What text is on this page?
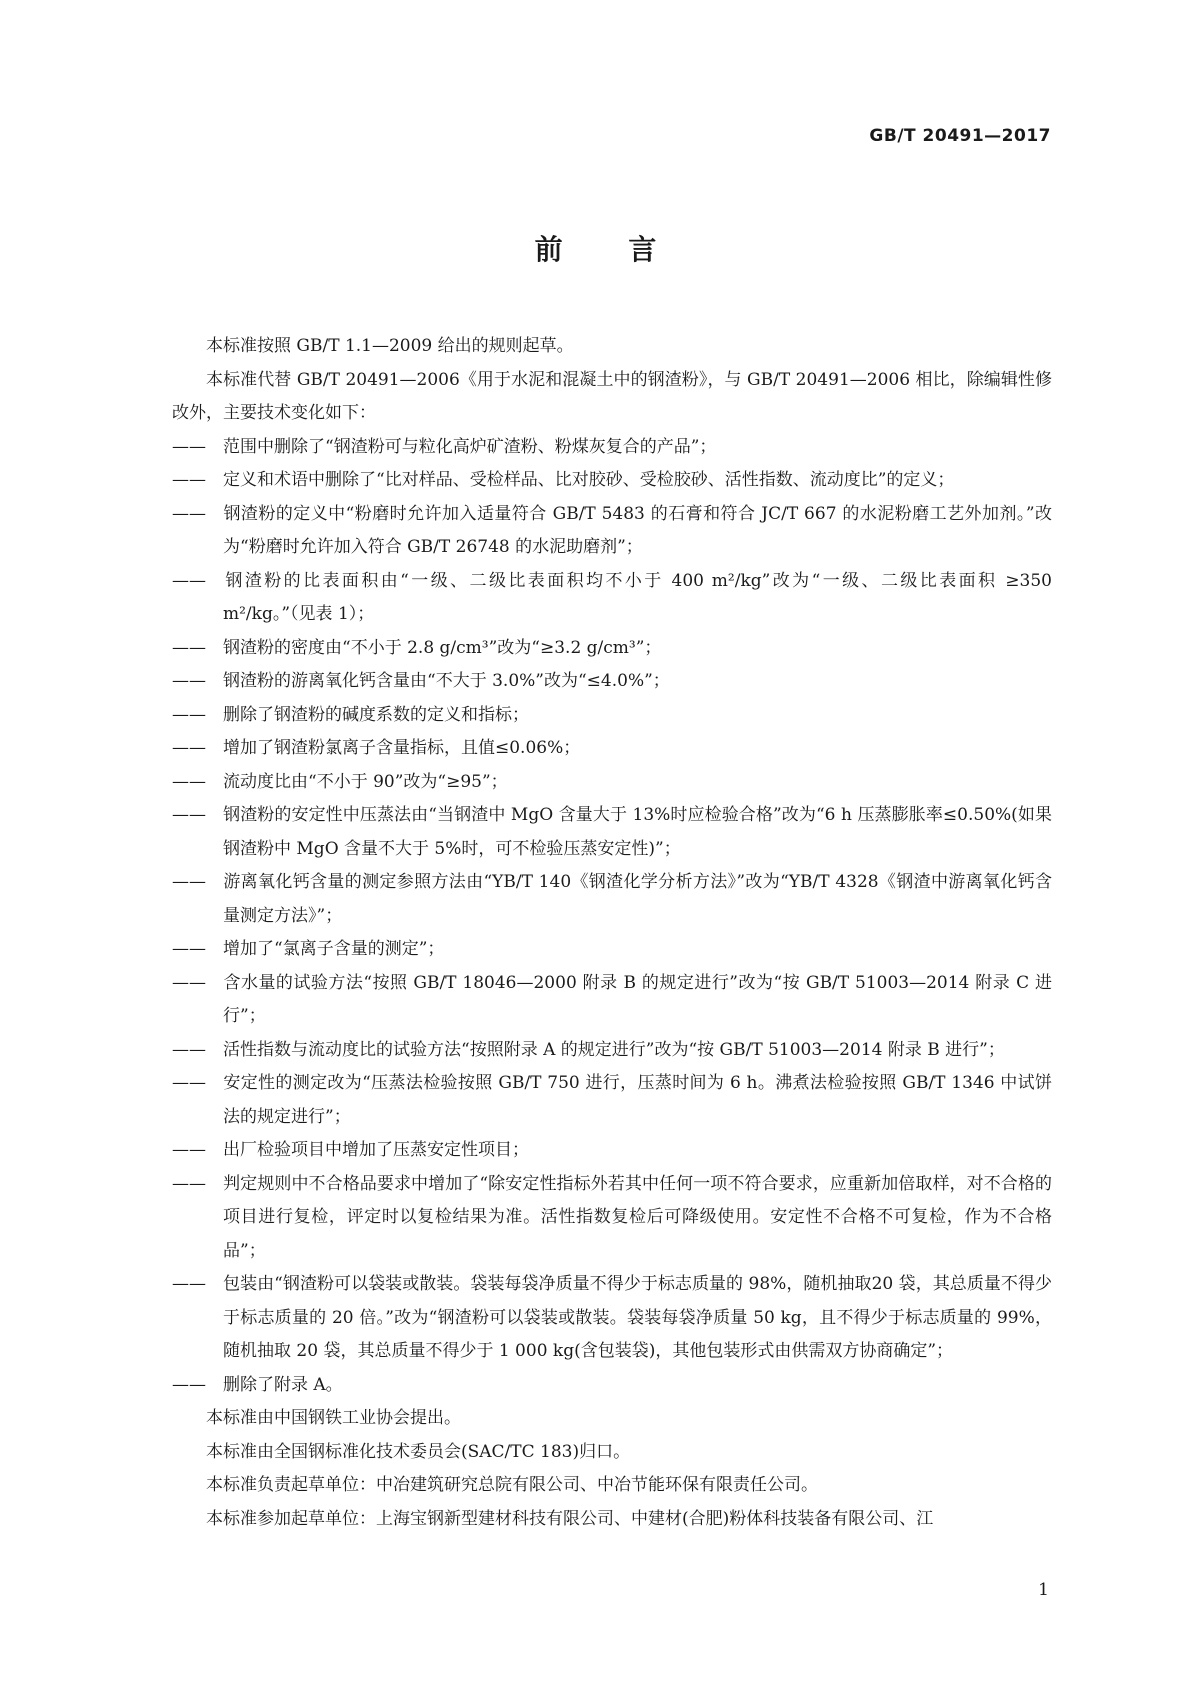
GB/T 20491—2017
前 言

本标准按照 GB/T 1.1—2009 给出的规则起草。

本标准代替 GB/T 20491—2006《用于水泥和混凝土中的钢渣粉》，与 GB/T 20491—2006 相比，除编辑性修改外，主要技术变化如下：

—— 范围中删除了“钢渣粉可与粒化高炉矿渣粉、粉煤灰复合的产品”；

—— 定义和术语中删除了“比对样品、受检样品、比对胶砂、受检胶砂、活性指数、流动度比”的定义；

—— 钢渣粉的定义中“粉磨时允许加入适量符合 GB/T 5483 的石膏和符合 JC/T 667 的水泥粉磨工艺外加剂。”改为“粉磨时允许加入符合 GB/T 26748 的水泥助磨剂”；

—— 钢渣粉的比表面积由“一级、二级比表面积均不小于 400 m²/kg”改为“一级、二级比表面积 ≥350 m²/kg。”（见表 1）；

—— 钢渣粉的密度由“不小于 2.8 g/cm³”改为“≥3.2 g/cm³”；

—— 钢渣粉的游离氧化钙含量由“不大于 3.0%”改为“≤4.0%”；

—— 删除了钢渣粉的碱度系数的定义和指标；

—— 增加了钢渣粉氯离子含量指标，且值≤0.06%；

—— 流动度比由“不小于 90”改为“≥95”；

—— 钢渣粉的安定性中压蒸法由“当钢渣中 MgO 含量大于 13%时应检验合格”改为“6 h 压蒸膨胀率≤0.50%(如果钢渣粉中 MgO 含量不大于 5%时，可不检验压蒸安定性)”；

—— 游离氧化钙含量的测定参照方法由“YB/T 140《钢渣化学分析方法》”改为“YB/T 4328《钢渣中游离氧化钙含量测定方法》”；

—— 增加了“氯离子含量的测定”；

—— 含水量的试验方法“按照 GB/T 18046—2000 附录 B 的规定进行”改为“按 GB/T 51003—2014 附录 C 进行”；

—— 活性指数与流动度比的试验方法“按照附录 A 的规定进行”改为“按 GB/T 51003—2014 附录 B 进行”；

—— 安定性的测定改为“压蒸法检验按照 GB/T 750 进行，压蒸时间为 6 h。沸煮法检验按照 GB/T 1346 中试饼法的规定进行”；

—— 出厂检验项目中增加了压蒸安定性项目；

—— 判定规则中不合格品要求中增加了“除安定性指标外若其中任何一项不符合要求，应重新加倍取样，对不合格的项目进行复检，评定时以复检结果为准。活性指数复检后可降级使用。安定性不合格不可复检，作为不合格品”；

—— 包装由“钢渣粉可以袋装或散装。袋装每袋净质量不得少于标志质量的 98%，随机抽取20 袋，其总质量不得少于标志质量的 20 倍。”改为“钢渣粉可以袋装或散装。袋装每袋净质量 50 kg，且不得少于标志质量的 99%，随机抽取 20 袋，其总质量不得少于 1 000 kg(含包装袋)，其他包装形式由供需双方协商确定”；

—— 删除了附录 A。

本标准由中国钢铁工业协会提出。

本标准由全国钢标准化技术委员会(SAC/TC 183)归口。

本标准负责起草单位：中冶建筑研究总院有限公司、中冶节能环保有限责任公司。

本标准参加起草单位：上海宝钢新型建材科技有限公司、中建材(合肥)粉体科技装备有限公司、江

1
